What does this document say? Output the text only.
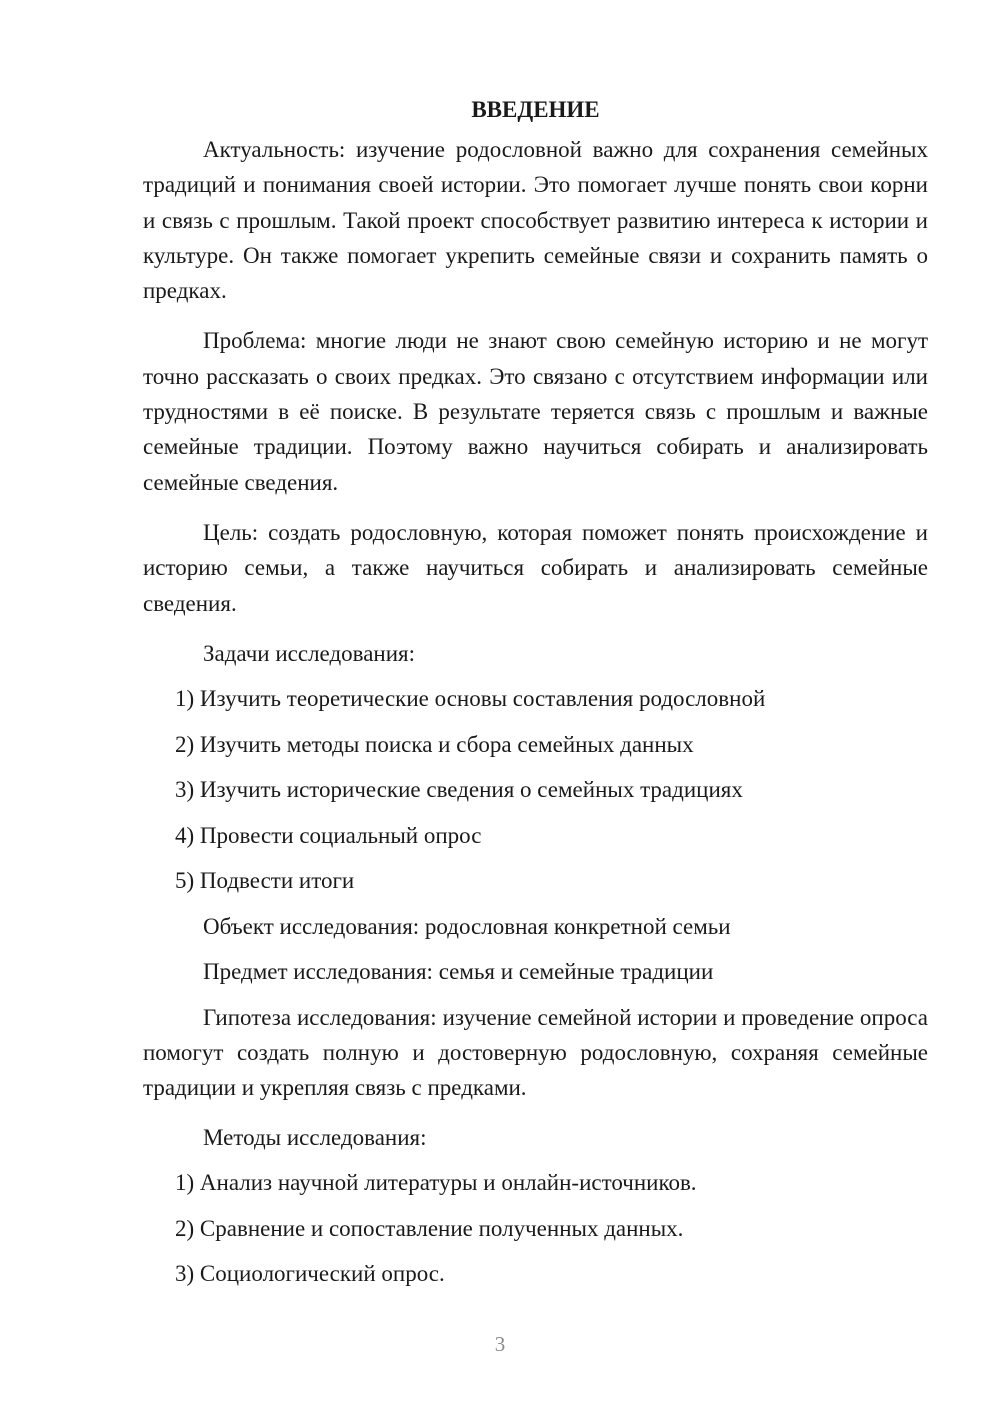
ВВЕДЕНИЕ

Актуальность: изучение родословной важно для сохранения семейных традиций и понимания своей истории. Это помогает лучше понять свои корни и связь с прошлым. Такой проект способствует развитию интереса к истории и культуре. Он также помогает укрепить семейные связи и сохранить память о предках.

Проблема: многие люди не знают свою семейную историю и не могут точно рассказать о своих предках. Это связано с отсутствием информации или трудностями в её поиске. В результате теряется связь с прошлым и важные семейные традиции. Поэтому важно научиться собирать и анализировать семейные сведения.

Цель: создать родословную, которая поможет понять происхождение и историю семьи, а также научиться собирать и анализировать семейные сведения.

Задачи исследования:
1) Изучить теоретические основы составления родословной
2) Изучить методы поиска и сбора семейных данных
3) Изучить исторические сведения о семейных традициях
4) Провести социальный опрос
5) Подвести итоги
Объект исследования: родословная конкретной семьи
Предмет исследования: семья и семейные традиции

Гипотеза исследования: изучение семейной истории и проведение опроса помогут создать полную и достоверную родословную, сохраняя семейные традиции и укрепляя связь с предками.

Методы исследования:
1) Анализ научной литературы и онлайн-источников.
2) Сравнение и сопоставление полученных данных.
3) Социологический опрос.
3
